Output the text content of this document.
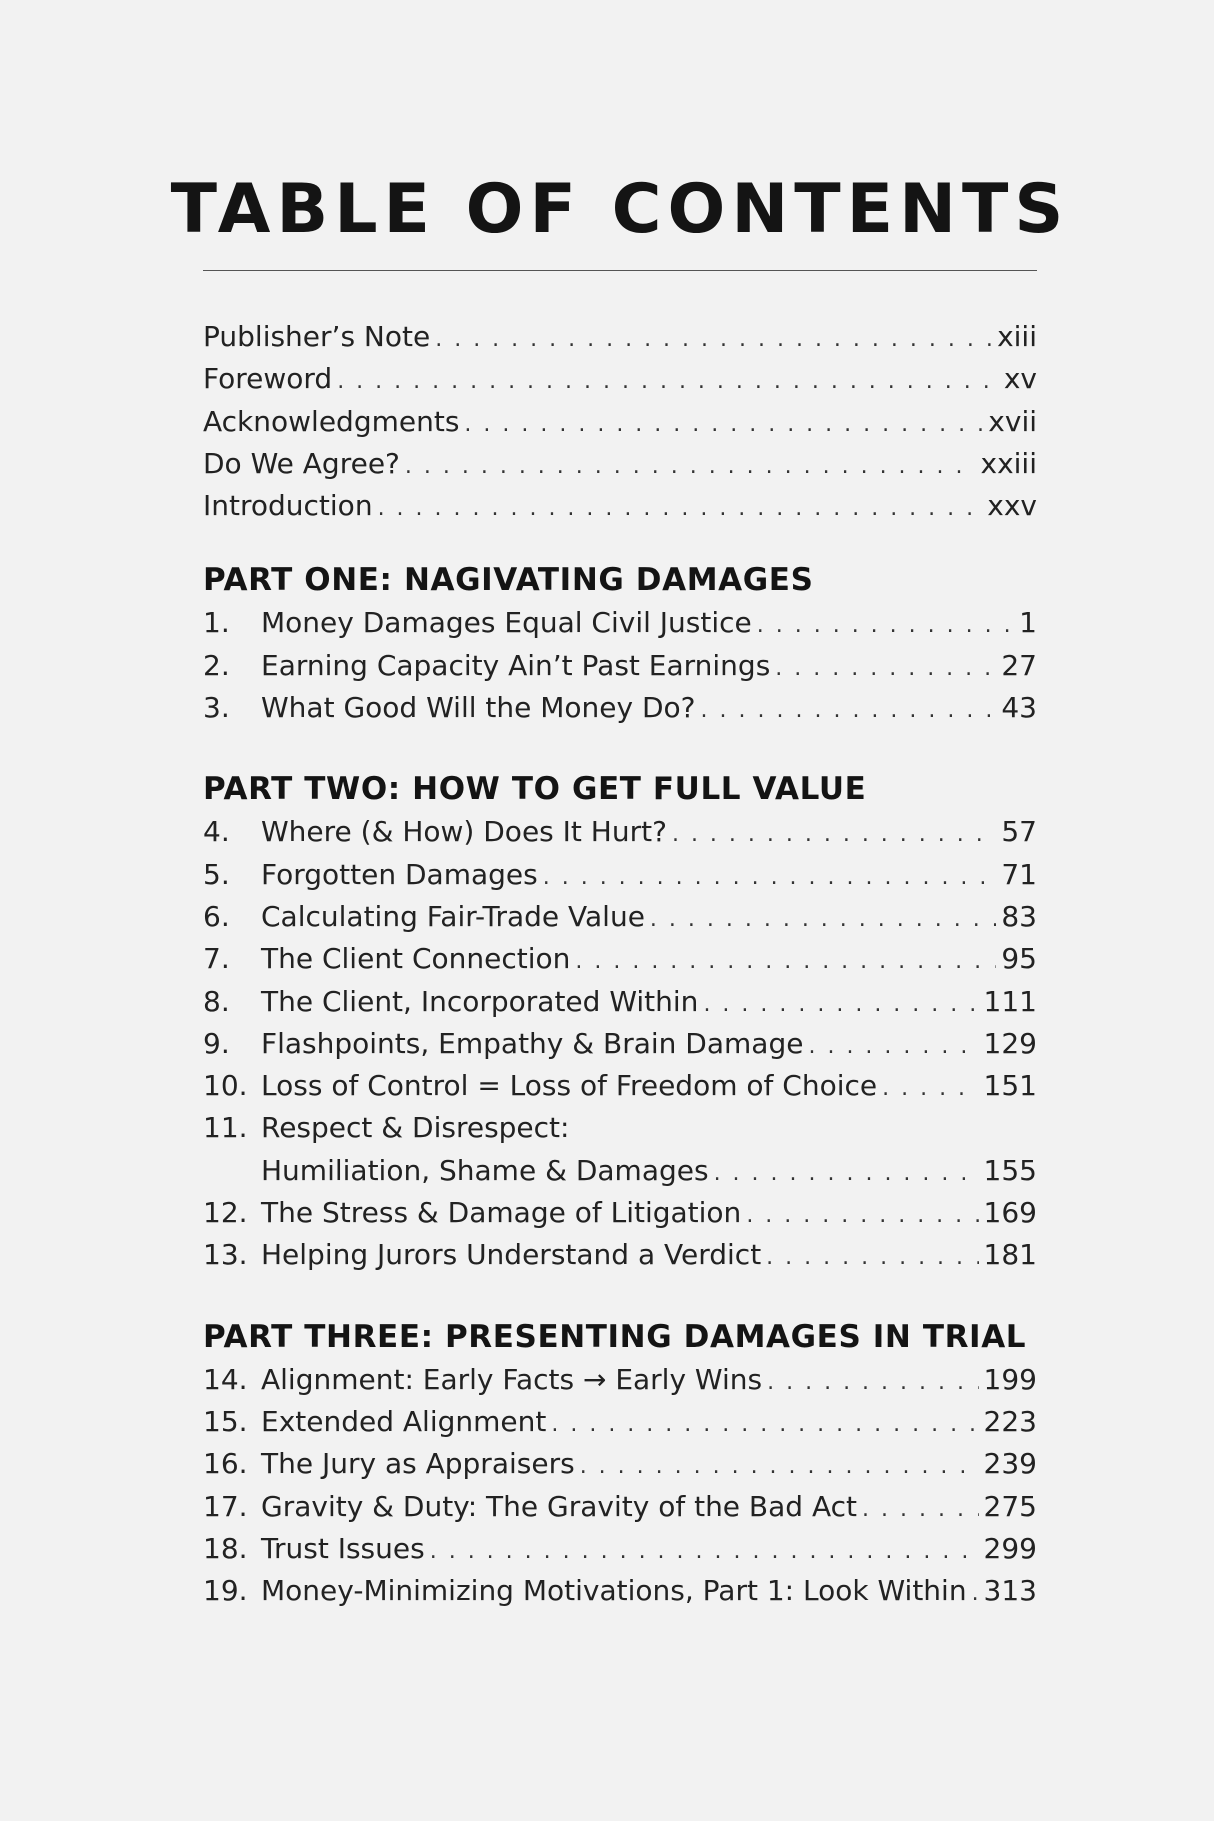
TABLE OF CONTENTS
Publisher’s Note . . .	xiii
Foreword . . .	xv
Acknowledgments . . .	xvii
Do We Agree? . . .	xxiii
Introduction . . .	xxv
PART ONE: NAGIVATING DAMAGES
1.	Money Damages Equal Civil Justice . . .	1
2.	Earning Capacity Ain’t Past Earnings . . .	27
3.	What Good Will the Money Do? . . .	43
PART TWO: HOW TO GET FULL VALUE
4.	Where (& How) Does It Hurt? . . .	57
5.	Forgotten Damages . . .	71
6.	Calculating Fair-Trade Value . . .	83
7.	The Client Connection . . .	95
8.	The Client, Incorporated Within . . .	111
9.	Flashpoints, Empathy & Brain Damage . . .	129
10. Loss of Control = Loss of Freedom of Choice . . .	151
11. Respect & Disrespect:
Humiliation, Shame & Damages . . .	155
12. The Stress & Damage of Litigation . . .	169
13. Helping Jurors Understand a Verdict . . .	181
PART THREE: PRESENTING DAMAGES IN TRIAL
14. Alignment: Early Facts → Early Wins . . .	199
15. Extended Alignment . . .	223
16. The Jury as Appraisers . . .	239
17. Gravity & Duty: The Gravity of the Bad Act . . .	275
18. Trust Issues . . .	299
19. Money-Minimizing Motivations, Part 1: Look Within . . . 313
